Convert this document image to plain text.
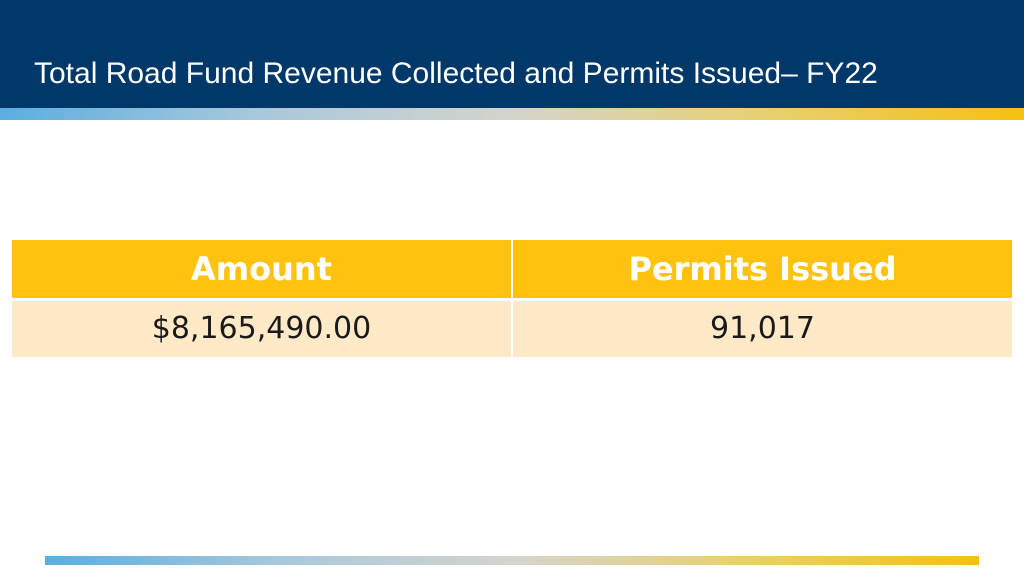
Total Road Fund Revenue Collected and Permits Issued– FY22
Amount	Permits Issued
$8,165,490.00	91,017
